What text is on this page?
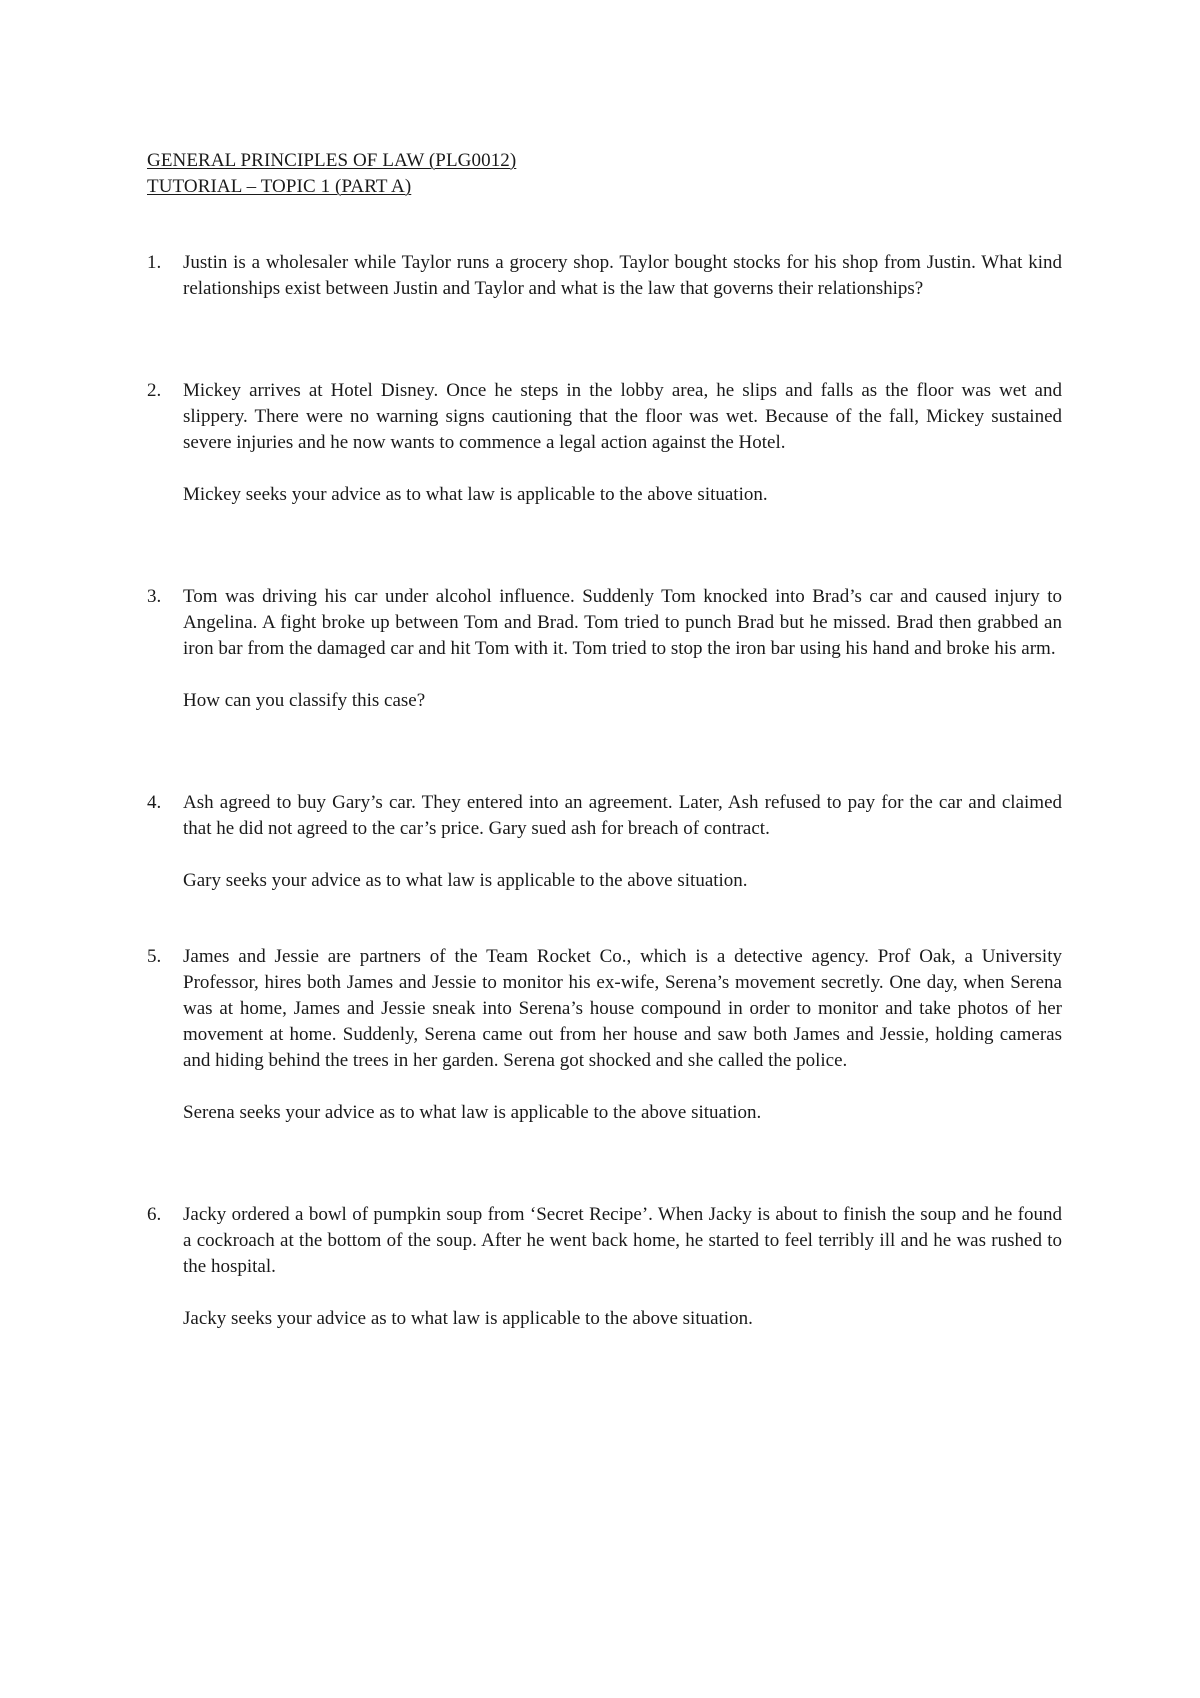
GENERAL PRINCIPLES OF LAW (PLG0012)
TUTORIAL – TOPIC 1 (PART A)
1. Justin is a wholesaler while Taylor runs a grocery shop. Taylor bought stocks for his shop from Justin. What kind relationships exist between Justin and Taylor and what is the law that governs their relationships?

2. Mickey arrives at Hotel Disney. Once he steps in the lobby area, he slips and falls as the floor was wet and slippery. There were no warning signs cautioning that the floor was wet. Because of the fall, Mickey sustained severe injuries and he now wants to commence a legal action against the Hotel.

Mickey seeks your advice as to what law is applicable to the above situation.

3. Tom was driving his car under alcohol influence. Suddenly Tom knocked into Brad’s car and caused injury to Angelina. A fight broke up between Tom and Brad. Tom tried to punch Brad but he missed. Brad then grabbed an iron bar from the damaged car and hit Tom with it. Tom tried to stop the iron bar using his hand and broke his arm.

How can you classify this case?

4. Ash agreed to buy Gary’s car. They entered into an agreement. Later, Ash refused to pay for the car and claimed that he did not agreed to the car’s price. Gary sued ash for breach of contract.

Gary seeks your advice as to what law is applicable to the above situation.

5. James and Jessie are partners of the Team Rocket Co., which is a detective agency. Prof Oak, a University Professor, hires both James and Jessie to monitor his ex-wife, Serena’s movement secretly. One day, when Serena was at home, James and Jessie sneak into Serena’s house compound in order to monitor and take photos of her movement at home. Suddenly, Serena came out from her house and saw both James and Jessie, holding cameras and hiding behind the trees in her garden. Serena got shocked and she called the police.

Serena seeks your advice as to what law is applicable to the above situation.

6. Jacky ordered a bowl of pumpkin soup from ‘Secret Recipe’. When Jacky is about to finish the soup and he found a cockroach at the bottom of the soup. After he went back home, he started to feel terribly ill and he was rushed to the hospital.

Jacky seeks your advice as to what law is applicable to the above situation.
